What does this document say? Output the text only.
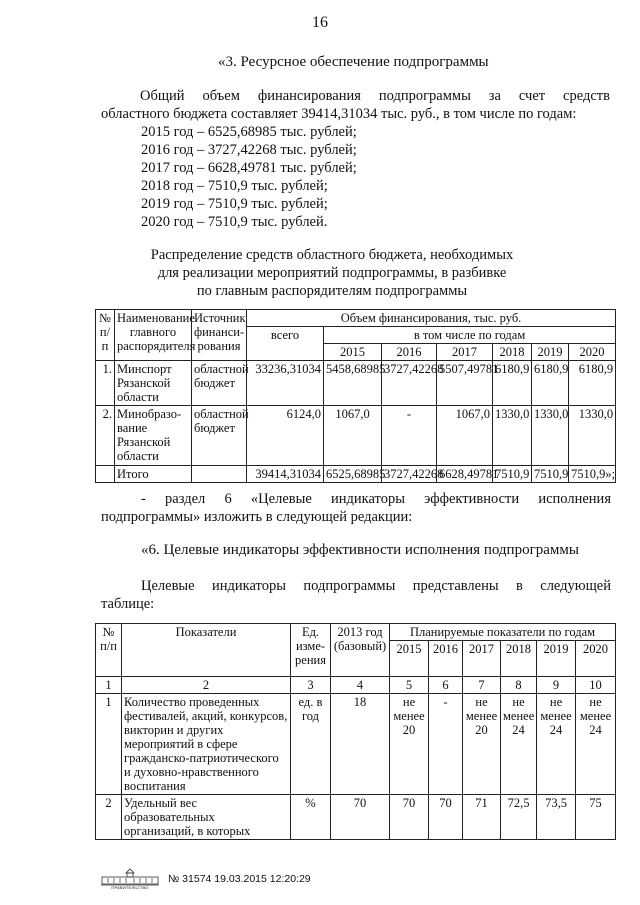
16
«3. Ресурсное обеспечение подпрограммы
Общий объем финансирования подпрограммы за счет средств
областного бюджета составляет 39414,31034 тыс. руб., в том числе по годам:
2015 год – 6525,68985 тыс. рублей;
2016 год – 3727,42268 тыс. рублей;
2017 год – 6628,49781 тыс. рублей;
2018 год – 7510,9 тыс. рублей;
2019 год – 7510,9 тыс. рублей;
2020 год – 7510,9 тыс. рублей.
Распределение средств областного бюджета, необходимых
для реализации мероприятий подпрограммы, в разбивке
по главным распорядителям подпрограммы
№ п/п	Наименование главного распорядителя	Источник финанси-рования	Объем финансирования, тыс. руб.						
			всего	в том числе по годам					
				2015	2016	2017	2018	2019	2020
1.	Минспорт Рязанской области	областной бюджет	33236,31034	5458,68985	3727,42268	5507,49781	6180,9	6180,9	6180,9
2.	Минобразо-вание Рязанской области	областной бюджет	6124,0	1067,0	-	1067,0	1330,0	1330,0	1330,0
	Итого		39414,31034	6525,68985	3727,42268	6628,49781	7510,9	7510,9	7510,9»;
- раздел 6 «Целевые индикаторы эффективности исполнения
подпрограммы» изложить в следующей редакции:
«6. Целевые индикаторы эффективности исполнения подпрограммы
Целевые индикаторы подпрограммы представлены в следующей
таблице:
№ п/п	Показатели	Ед. изме-рения	2013 год (базовый)	Планируемые показатели по годам					
				2015	2016	2017	2018	2019	2020
1	2	3	4	5	6	7	8	9	10
1	Количество проведенных фестивалей, акций, конкурсов, викторин и других мероприятий в сфере гражданско-патриотического и духовно-нравственного воспитания	ед. в год	18	не менее 20	-	не менее 20	не менее 24	не менее 24	не менее 24
2	Удельный вес образовательных организаций, в которых	%	70	70	70	71	72,5	73,5	75
ПРАВИТЕЛЬСТВО
№ 31574 19.03.2015 12:20:29
